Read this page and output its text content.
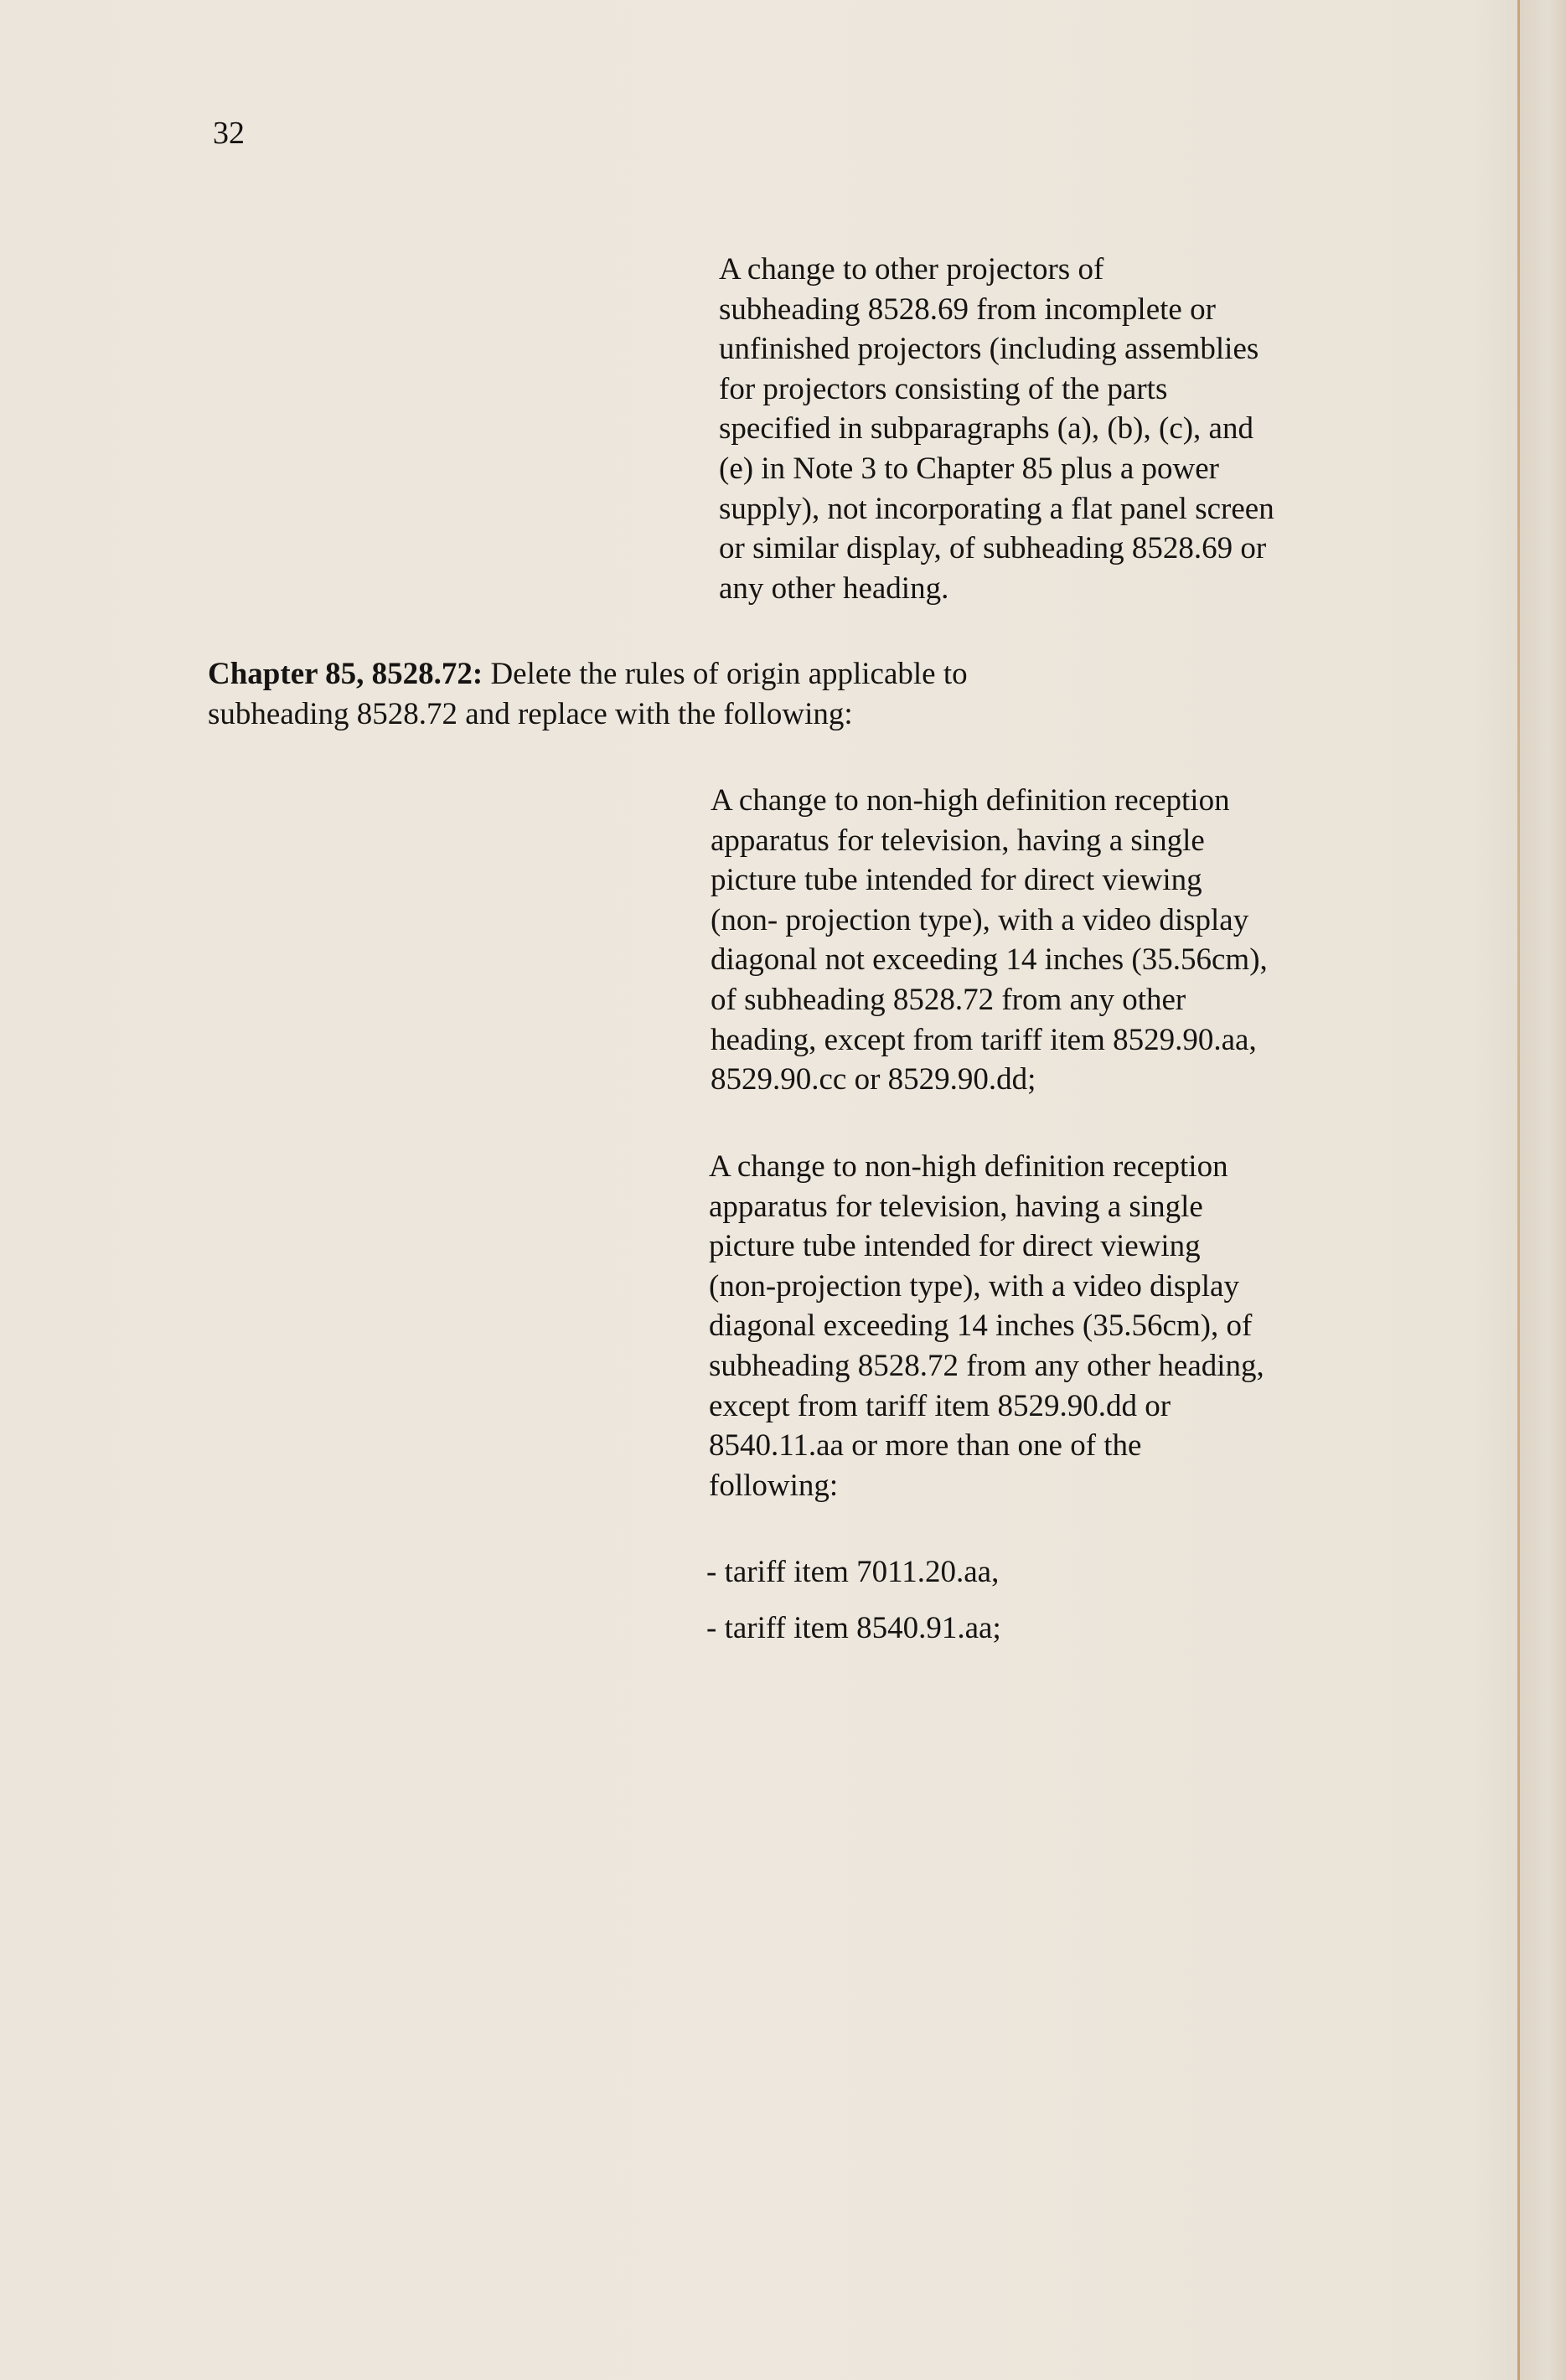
32

A change to other projectors of
subheading 8528.69 from incomplete or
unfinished projectors (including assemblies
for projectors consisting of the parts
specified in subparagraphs (a), (b), (c), and
(e) in Note 3 to Chapter 85 plus a power
supply), not incorporating a flat panel screen
or similar display, of subheading 8528.69 or
any other heading.

Chapter 85, 8528.72: Delete the rules of origin applicable to
subheading 8528.72 and replace with the following:

A change to non-high definition reception
apparatus for television, having a single
picture tube intended for direct viewing
(non- projection type), with a video display
diagonal not exceeding 14 inches (35.56cm),
of subheading 8528.72 from any other
heading, except from tariff item 8529.90.aa,
8529.90.cc or 8529.90.dd;

A change to non-high definition reception
apparatus for television, having a single
picture tube intended for direct viewing
(non-projection type), with a video display
diagonal exceeding 14 inches (35.56cm), of
subheading 8528.72 from any other heading,
except from tariff item 8529.90.dd or
8540.11.aa or more than one of the
following:

- tariff item 7011.20.aa,

- tariff item 8540.91.aa;
